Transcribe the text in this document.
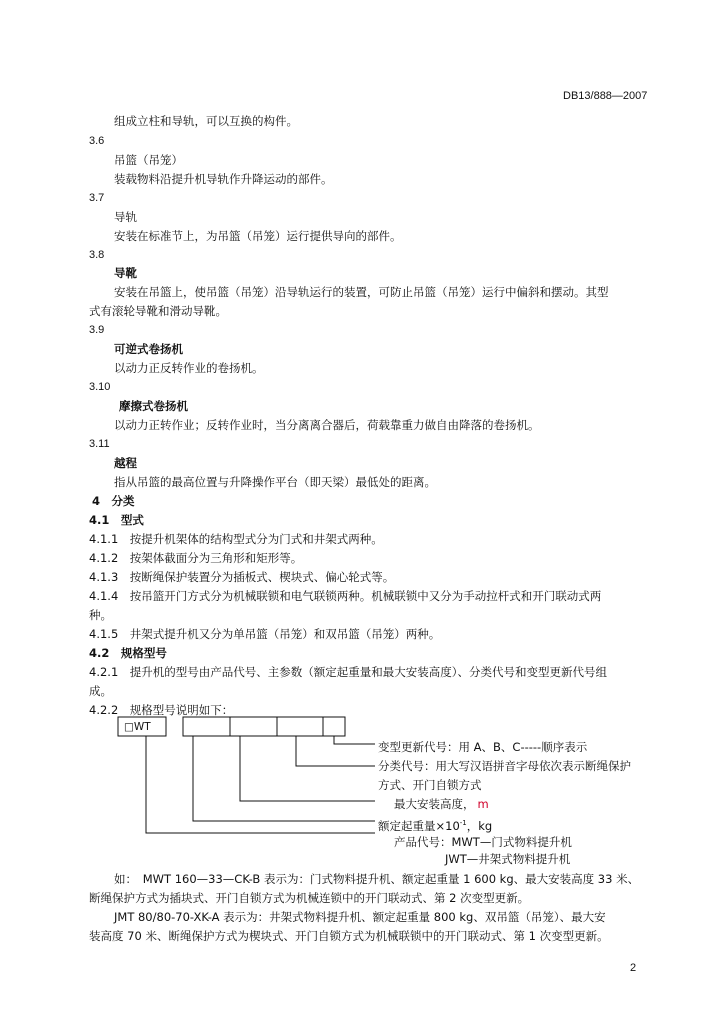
DB13/888—2007
组成立柱和导轨，可以互换的构件。
3.6
吊篮（吊笼）
装载物料沿提升机导轨作升降运动的部件。
3.7
导轨
安装在标准节上，为吊篮（吊笼）运行提供导向的部件。
3.8
导靴
安装在吊篮上，使吊篮（吊笼）沿导轨运行的装置，可防止吊篮（吊笼）运行中偏斜和摆动。其型
式有滚轮导靴和滑动导靴。
3.9
可逆式卷扬机
以动力正反转作业的卷扬机。
3.10
摩擦式卷扬机
以动力正转作业；反转作业时，当分离离合器后，荷载靠重力做自由降落的卷扬机。
3.11
越程
指从吊篮的最高位置与升降操作平台（即天梁）最低处的距离。
4　分类
4.1　型式
4.1.1　按提升机架体的结构型式分为门式和井架式两种。
4.1.2　按架体截面分为三角形和矩形等。
4.1.3　按断绳保护装置分为插板式、楔块式、偏心轮式等。
4.1.4　按吊篮开门方式分为机械联锁和电气联锁两种。机械联锁中又分为手动拉杆式和开门联动式两
种。
4.1.5　井架式提升机又分为单吊篮（吊笼）和双吊篮（吊笼）两种。
4.2　规格型号
4.2.1　提升机的型号由产品代号、主参数（额定起重量和最大安装高度）、分类代号和变型更新代号组
成。
4.2.2　规格型号说明如下：
□WT
变型更新代号：用 A、B、C-----顺序表示
分类代号：用大写汉语拼音字母依次表示断绳保护
方式、开门自锁方式
最大安装高度， m
额定起重量$\times 10^{-1}$，kg
产品代号：MWT—门式物料提升机
JWT—井架式物料提升机
如：　MWT 160—33—CK-B 表示为：门式物料提升机、额定起重量 1 600 kg、最大安装高度 33 米、
断绳保护方式为插块式、开门自锁方式为机械连锁中的开门联动式、第 2 次变型更新。
JMT 80/80-70-XK-A 表示为：井架式物料提升机、额定起重量 800 kg、双吊篮（吊笼）、最大安
装高度 70 米、断绳保护方式为楔块式、开门自锁方式为机械联锁中的开门联动式、第 1 次变型更新。
2
